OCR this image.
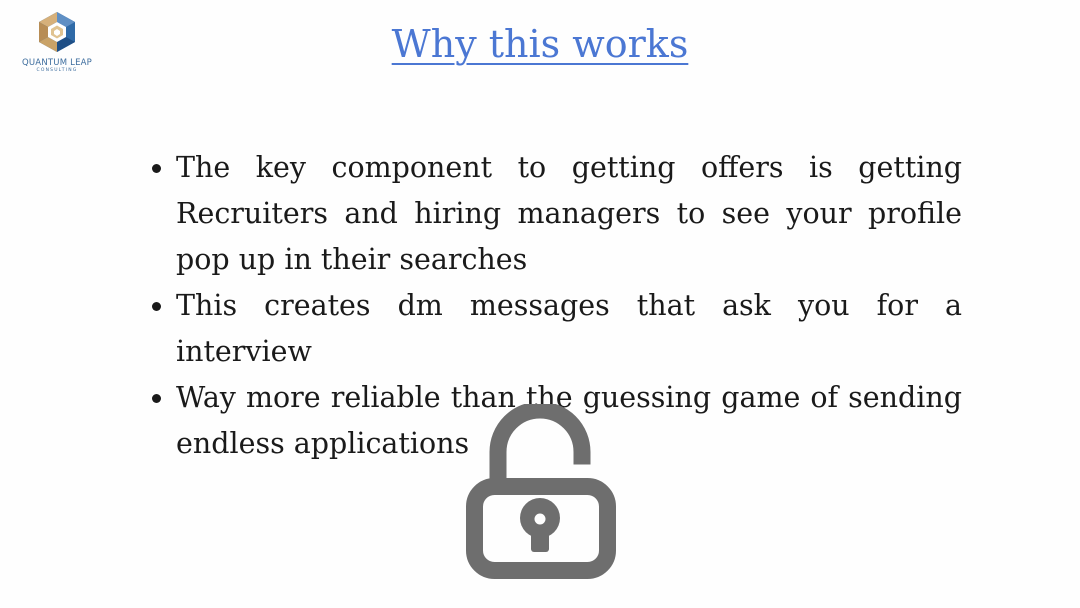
QUANTUM LEAP
CONSULTING
Why this works
The key component to getting offers is getting Recruiters and hiring managers to see your profile pop up in their searches
This creates dm messages that ask you for a interview
Way more reliable than the guessing game of sending endless applications
